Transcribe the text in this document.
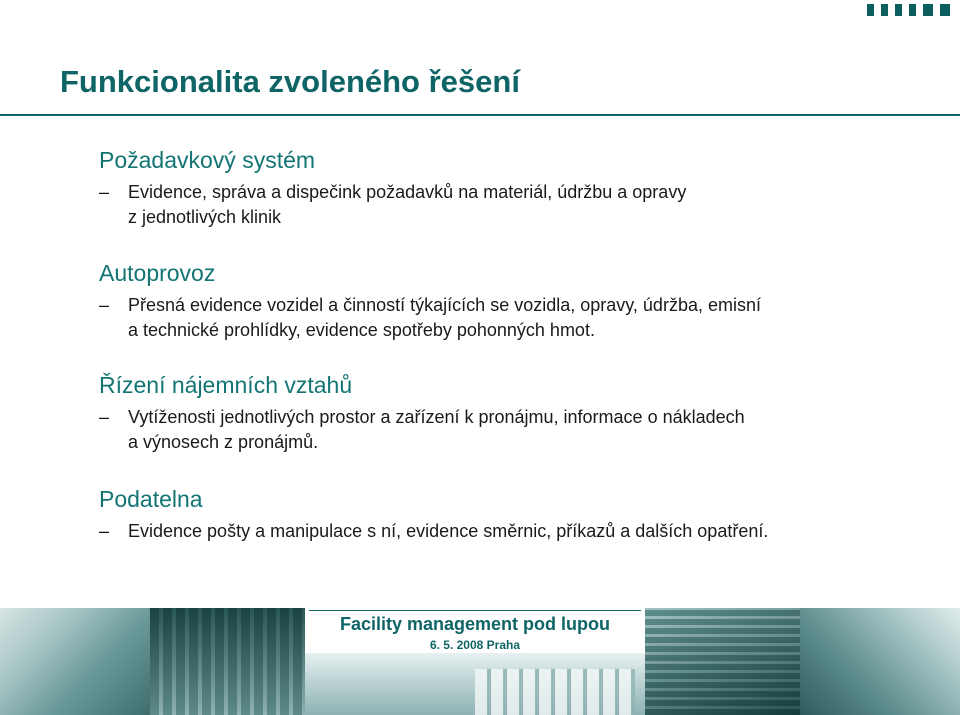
Funkcionalita zvoleného řešení
Požadavkový systém
– Evidence, správa a dispečink požadavků na materiál, údržbu a opravy
z jednotlivých klinik

Autoprovoz
– Přesná evidence vozidel a činností týkajících se vozidla, opravy, údržba, emisní
a technické prohlídky, evidence spotřeby pohonných hmot.

Řízení nájemních vztahů
– Vytíženosti jednotlivých prostor a zařízení k pronájmu, informace o nákladech
a výnosech z pronájmů.

Podatelna
– Evidence pošty a manipulace s ní, evidence směrnic, příkazů a dalších opatření.

Facility management pod lupou

6. 5. 2008 Praha
